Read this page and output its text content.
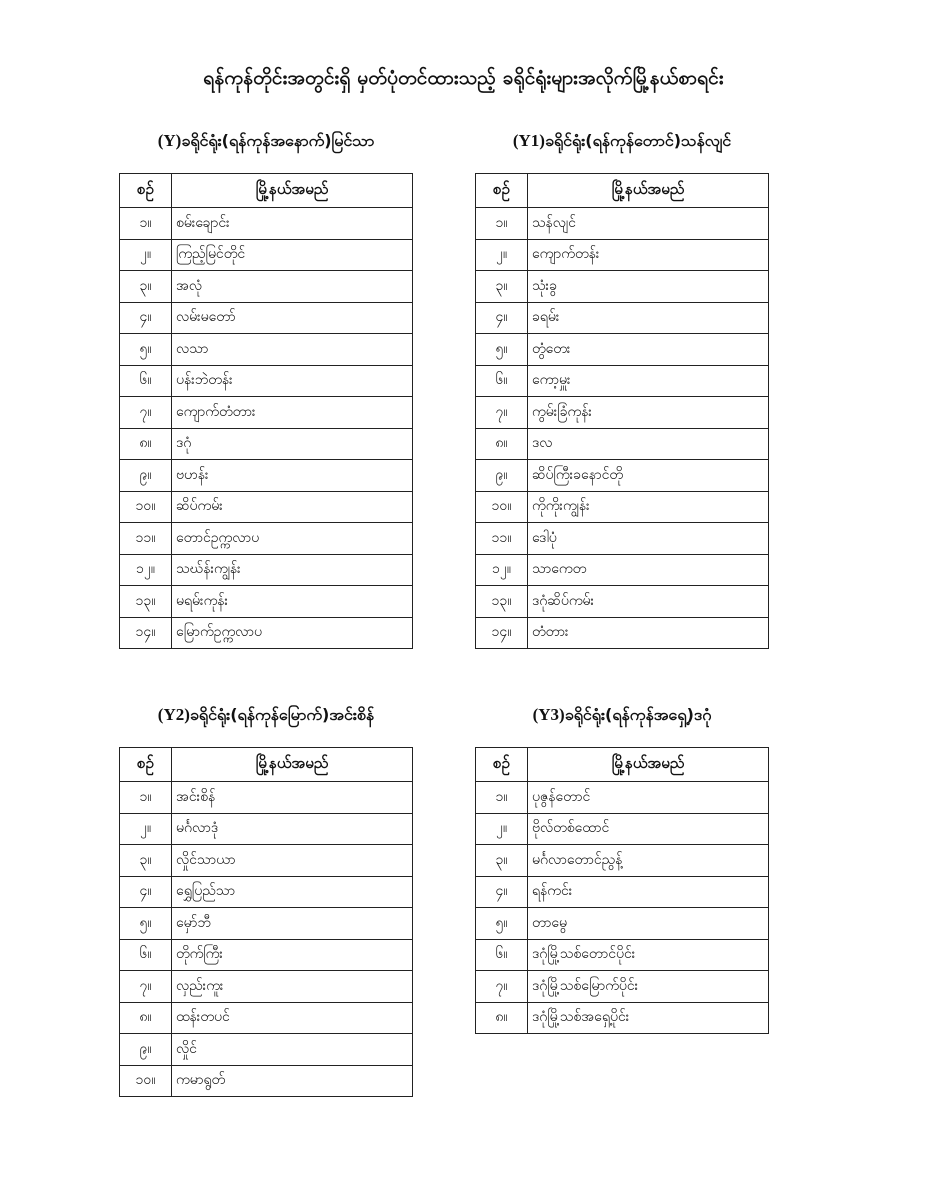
ရန်ကုန်တိုင်းအတွင်းရှိ မှတ်ပုံတင်ထားသည့် ခရိုင်ရုံးများအလိုက်မြို့နယ်စာရင်း
(Y)ခရိုင်ရုံး(ရန်ကုန်အနောက်)မြင်သာ
စဉ်	မြို့နယ်အမည်
၁။	စမ်းချောင်း
၂။	ကြည့်မြင်တိုင်
၃။	အလုံ
၄။	လမ်းမတော်
၅။	လသာ
၆။	ပန်းဘဲတန်း
၇။	ကျောက်တံတား
၈။	ဒဂုံ
၉။	ဗဟန်း
၁၀။	ဆိပ်ကမ်း
၁၁။	တောင်ဥက္ကလာပ
၁၂။	သဃ်န်းကျွန်း
၁၃။	မရမ်းကုန်း
၁၄။	မြောက်ဥက္ကလာပ
(Y1)ခရိုင်ရုံး(ရန်ကုန်တောင်)သန်လျင်
စဉ်	မြို့နယ်အမည်
၁။	သန်လျင်
၂။	ကျောက်တန်း
၃။	သုံးခွ
၄။	ခရမ်း
၅။	တွံတေး
၆။	ကော့မှူး
၇။	ကွမ်းခြံကုန်း
၈။	ဒလ
၉။	ဆိပ်ကြီးခနောင်တို
၁၀။	ကိုကိုးကျွန်း
၁၁။	ဒေါပုံ
၁၂။	သာကေတ
၁၃။	ဒဂုံဆိပ်ကမ်း
၁၄။	တံတား
(Y2)ခရိုင်ရုံး(ရန်ကုန်မြောက်)အင်းစိန်
စဉ်	မြို့နယ်အမည်
၁။	အင်းစိန်
၂။	မင်္ဂလာဒုံ
၃။	လှိုင်သာယာ
၄။	ရွှေပြည်သာ
၅။	မှော်ဘီ
၆။	တိုက်ကြီး
၇။	လှည်းကူး
၈။	ထန်းတပင်
၉။	လှိုင်
၁၀။	ကမာရွတ်
(Y3)ခရိုင်ရုံး(ရန်ကုန်အရှေ့)ဒဂုံ
စဉ်	မြို့နယ်အမည်
၁။	ပုဇွန်တောင်
၂။	ဗိုလ်တစ်ထောင်
၃။	မင်္ဂလာတောင်ညွန့်
၄။	ရန်ကင်း
၅။	တာမွေ
၆။	ဒဂုံမြို့သစ်တောင်ပိုင်း
၇။	ဒဂုံမြို့သစ်မြောက်ပိုင်း
၈။	ဒဂုံမြို့သစ်အရှေ့ပိုင်း
